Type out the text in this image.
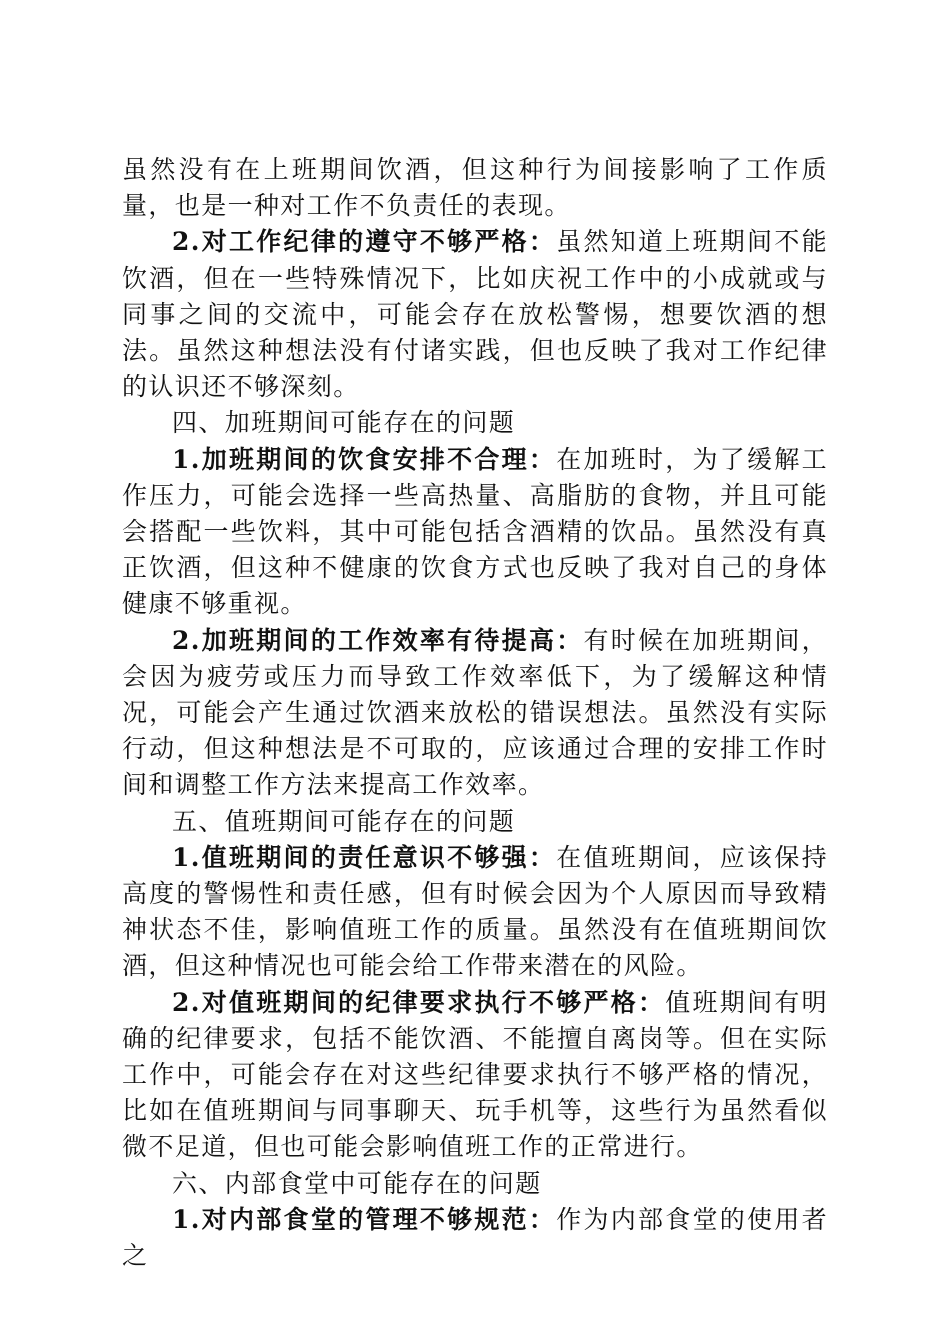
虽然没有在上班期间饮酒，但这种行为间接影响了工作质量，也是一种对工作不负责任的表现。

2.对工作纪律的遵守不够严格：虽然知道上班期间不能饮酒，但在一些特殊情况下，比如庆祝工作中的小成就或与同事之间的交流中，可能会存在放松警惕，想要饮酒的想法。虽然这种想法没有付诸实践，但也反映了我对工作纪律的认识还不够深刻。

四、加班期间可能存在的问题

1.加班期间的饮食安排不合理：在加班时，为了缓解工作压力，可能会选择一些高热量、高脂肪的食物，并且可能会搭配一些饮料，其中可能包括含酒精的饮品。虽然没有真正饮酒，但这种不健康的饮食方式也反映了我对自己的身体健康不够重视。

2.加班期间的工作效率有待提高：有时候在加班期间，会因为疲劳或压力而导致工作效率低下，为了缓解这种情况，可能会产生通过饮酒来放松的错误想法。虽然没有实际行动，但这种想法是不可取的，应该通过合理的安排工作时间和调整工作方法来提高工作效率。

五、值班期间可能存在的问题

1.值班期间的责任意识不够强：在值班期间，应该保持高度的警惕性和责任感，但有时候会因为个人原因而导致精神状态不佳，影响值班工作的质量。虽然没有在值班期间饮酒，但这种情况也可能会给工作带来潜在的风险。

2.对值班期间的纪律要求执行不够严格：值班期间有明确的纪律要求，包括不能饮酒、不能擅自离岗等。但在实际工作中，可能会存在对这些纪律要求执行不够严格的情况，比如在值班期间与同事聊天、玩手机等，这些行为虽然看似微不足道，但也可能会影响值班工作的正常进行。

六、内部食堂中可能存在的问题

1.对内部食堂的管理不够规范：作为内部食堂的使用者之
